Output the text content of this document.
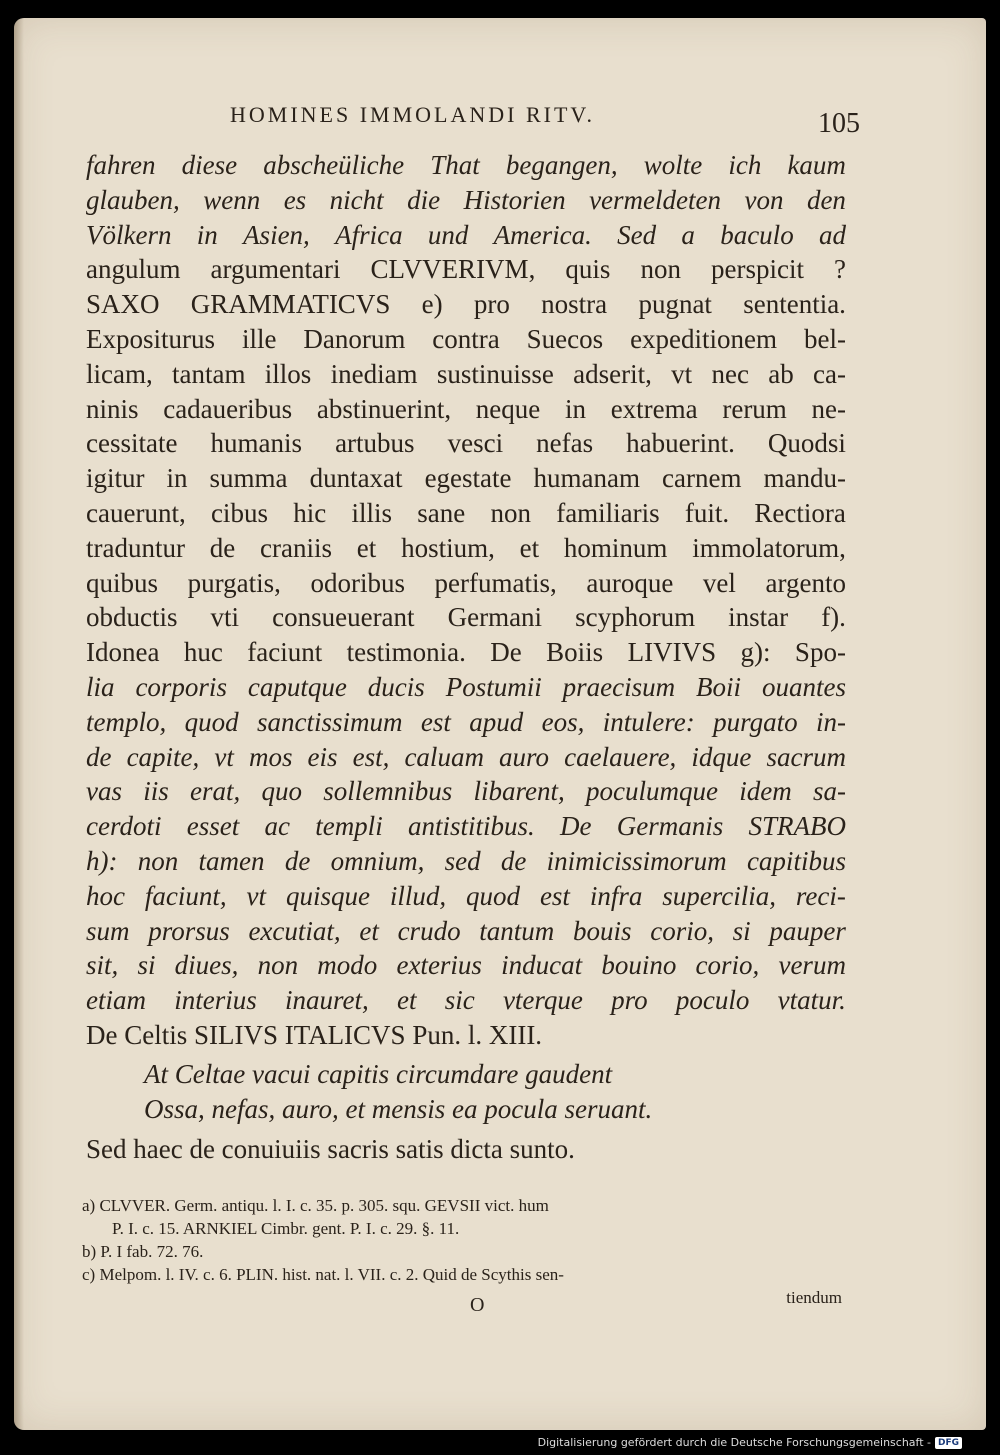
HOMINES IMMOLANDI RITV.	105
fahren diese abscheüliche That begangen, wolte ich kaum
glauben, wenn es nicht die Historien vermeldeten von den
Völkern in Asien, Africa und America. Sed a baculo ad
angulum argumentari CLVVERIVM, quis non perspicit ?
SAXO GRAMMATICVS e) pro nostra pugnat sententia.
Expositurus ille Danorum contra Suecos expeditionem bel-
licam, tantam illos inediam sustinuisse adserit, vt nec ab ca-
ninis cadaueribus abstinuerint, neque in extrema rerum ne-
cessitate humanis artubus vesci nefas habuerint. Quodsi
igitur in summa duntaxat egestate humanam carnem mandu-
cauerunt, cibus hic illis sane non familiaris fuit. Rectiora
traduntur de craniis et hostium, et hominum immolatorum,
quibus purgatis, odoribus perfumatis, auroque vel argento
obductis vti consueuerant Germani scyphorum instar f).
Idonea huc faciunt testimonia. De Boiis LIVIVS g): Spo-
lia corporis caputque ducis Postumii praecisum Boii ouantes
templo, quod sanctissimum est apud eos, intulere: purgato in-
de capite, vt mos eis est, caluam auro caelauere, idque sacrum
vas iis erat, quo sollemnibus libarent, poculumque idem sa-
cerdoti esset ac templi antistitibus. De Germanis STRABO
h): non tamen de omnium, sed de inimicissimorum capitibus
hoc faciunt, vt quisque illud, quod est infra supercilia, reci-
sum prorsus excutiat, et crudo tantum bouis corio, si pauper
sit, si diues, non modo exterius inducat bouino corio, verum
etiam interius inauret, et sic vterque pro poculo vtatur.
De Celtis SILIVS ITALICVS Pun. l. XIII.
At Celtae vacui capitis circumdare gaudent
Ossa, nefas, auro, et mensis ea pocula seruant.
Sed haec de conuiuiis sacris satis dicta sunto.
a) CLVVER. Germ. antiqu. l. I. c. 35. p. 305. squ. GEVSII vict. hum
P. I. c. 15. ARNKIEL Cimbr. gent. P. I. c. 29. §. 11.
b) P. I fab. 72. 76.
c) Melpom. l. IV. c. 6. PLIN. hist. nat. l. VII. c. 2. Quid de Scythis sen-
tiendum
O
Digitalisierung gefördert durch die Deutsche Forschungsgemeinschaft - DFG
